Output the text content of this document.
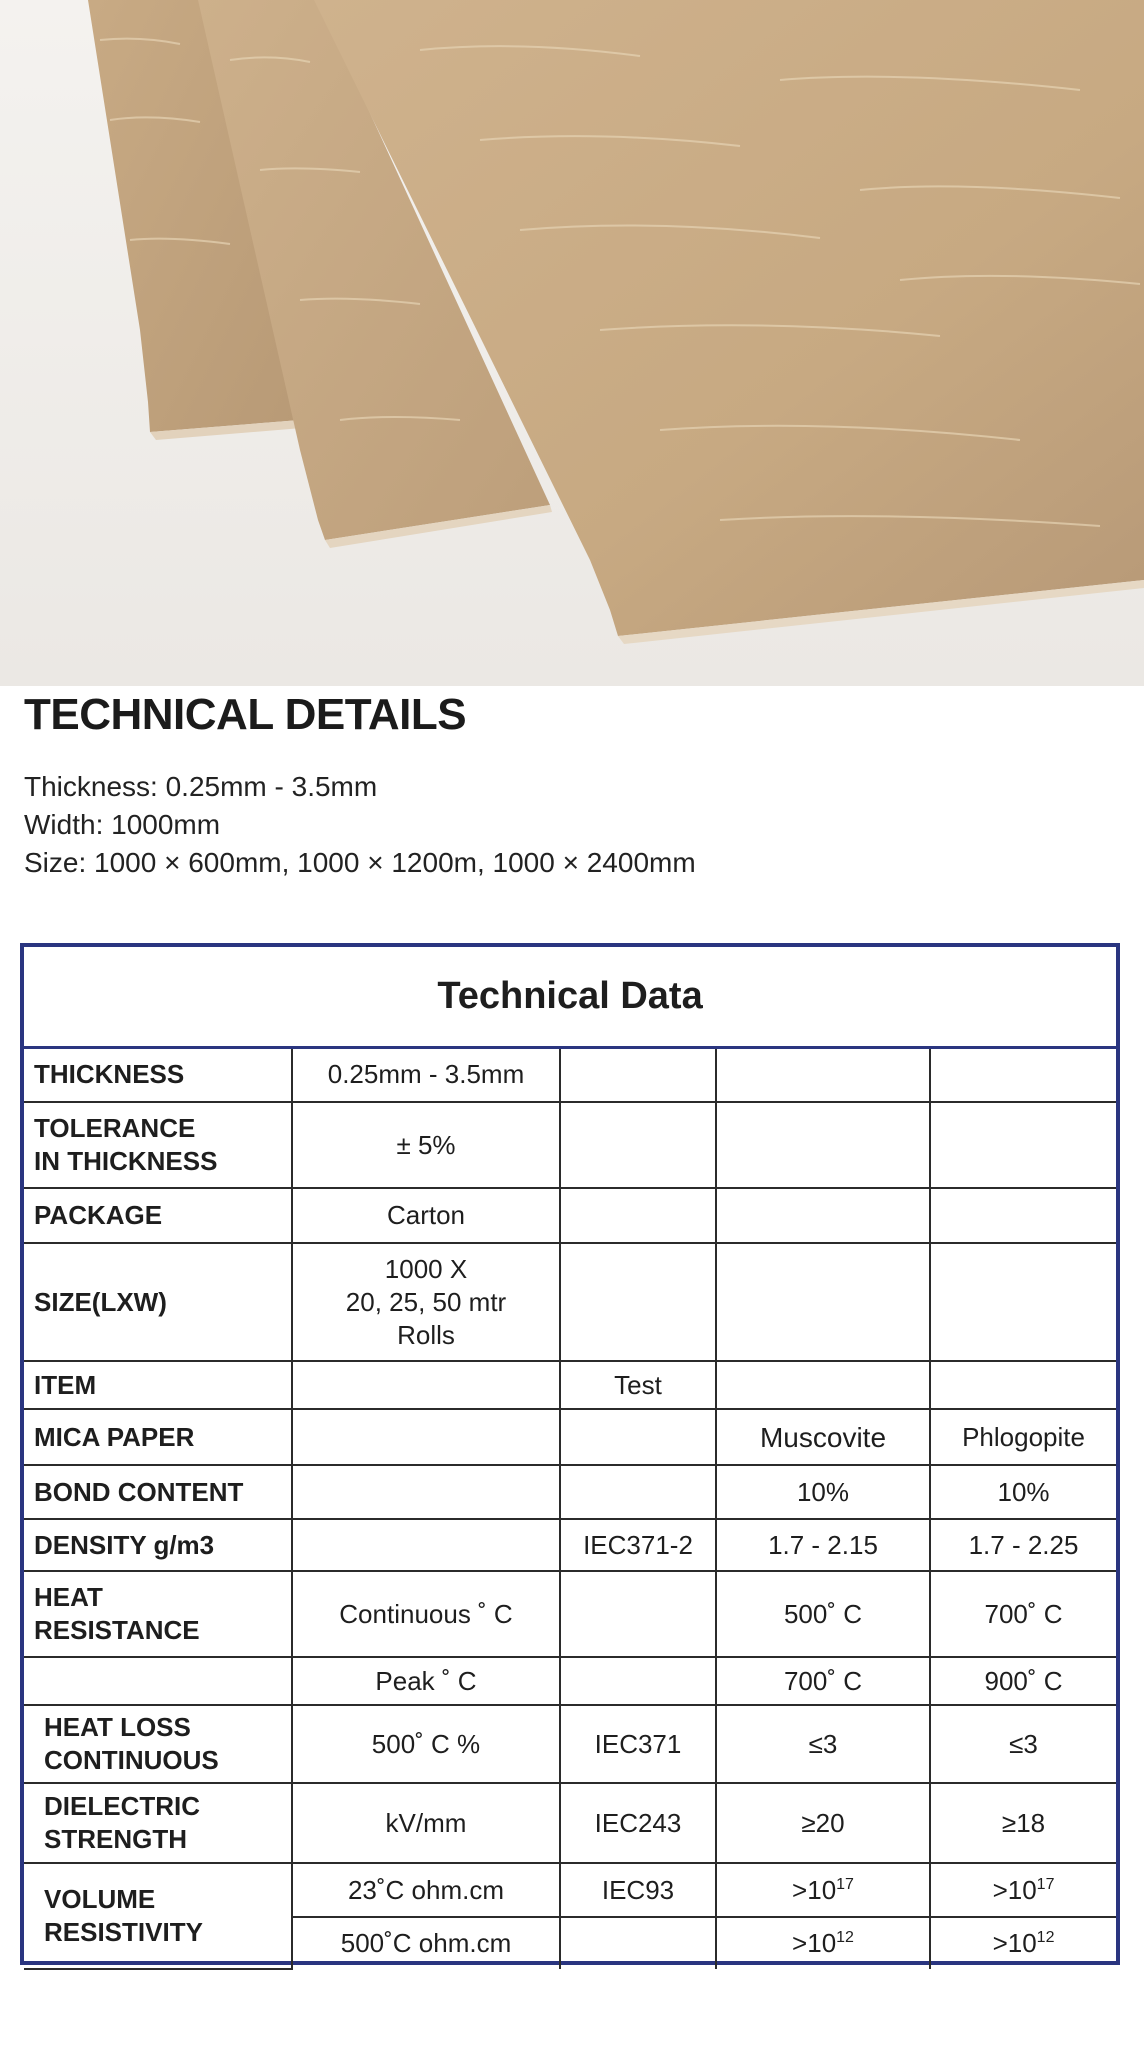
TECHNICAL DETAILS
Thickness: 0.25mm - 3.5mm
Width: 1000mm
Size: 1000 × 600mm, 1000 × 1200m, 1000 × 2400mm
Technical Data				
THICKNESS	0.25mm - 3.5mm			
TOLERANCE
IN THICKNESS	± 5%			
PACKAGE	Carton			
SIZE(LXW)	1000 X
20, 25, 50 mtr
Rolls			
ITEM		Test		
MICA PAPER			Muscovite	Phlogopite
BOND CONTENT			10%	10%
DENSITY g/m3		IEC371-2	1.7 - 2.15	1.7 - 2.25
HEAT
RESISTANCE	Continuous ˚ C		500˚ C	700˚ C
	Peak ˚ C		700˚ C	900˚ C
HEAT LOSS
CONTINUOUS	500˚ C %	IEC371	≤3	≤3
DIELECTRIC
STRENGTH	kV/mm	IEC243	≥20	≥18
VOLUME
RESISTIVITY	23˚C ohm.cm	IEC93	$>10^{17}$	$>10^{17}$
	500˚C ohm.cm		$>10^{12}$	$>10^{12}$
